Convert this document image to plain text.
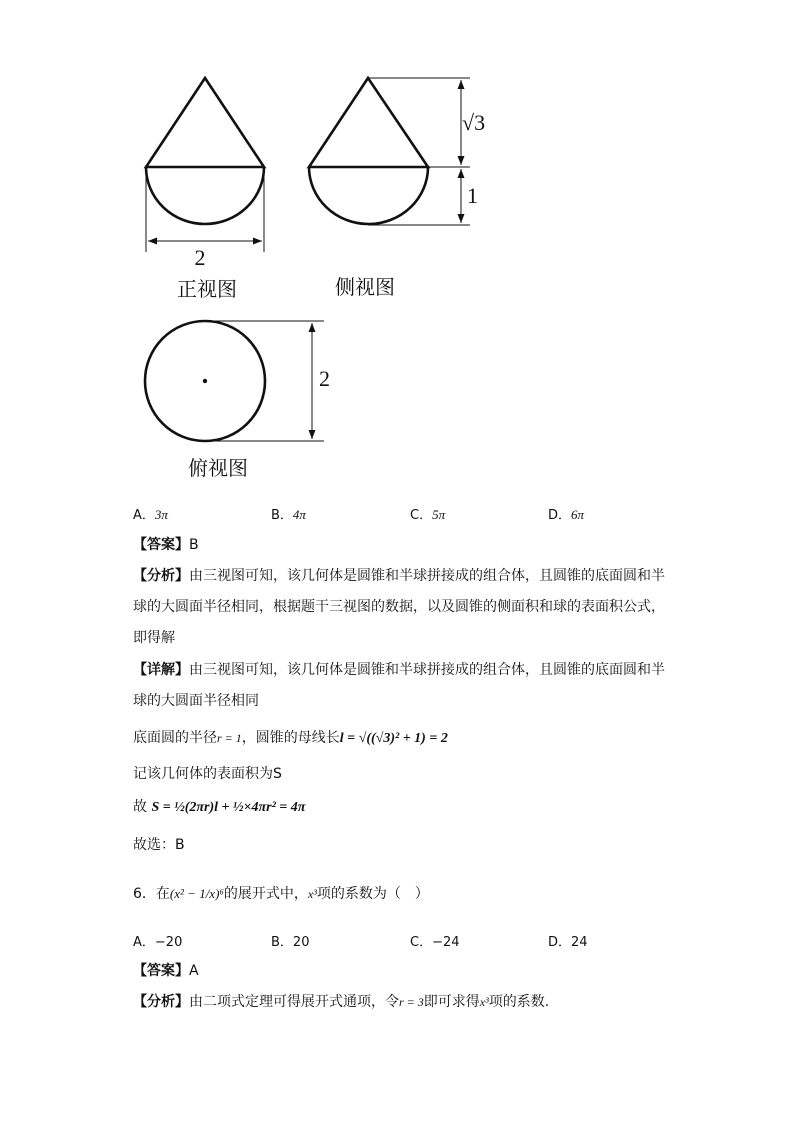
2
正视图
√3
1
侧视图
2
俯视图
A．3π	B．4π	C．5π	D．6π
【答案】B
【分析】由三视图可知，该几何体是圆锥和半球拼接成的组合体，且圆锥的底面圆和半
球的大圆面半径相同，根据题干三视图的数据，以及圆锥的侧面积和球的表面积公式，
即得解
【详解】由三视图可知，该几何体是圆锥和半球拼接成的组合体，且圆锥的底面圆和半
球的大圆面半径相同
底面圆的半径r = 1，圆锥的母线长l = √((√3)² + 1) = 2
记该几何体的表面积为S
故 S = ½(2πr)l + ½×4πr² = 4π
故选：B
6．在(x² − 1/x)⁶的展开式中，x³项的系数为（　）
A．−20	B．20	C．−24	D．24
【答案】A
【分析】由二项式定理可得展开式通项，令r = 3即可求得x³项的系数.
